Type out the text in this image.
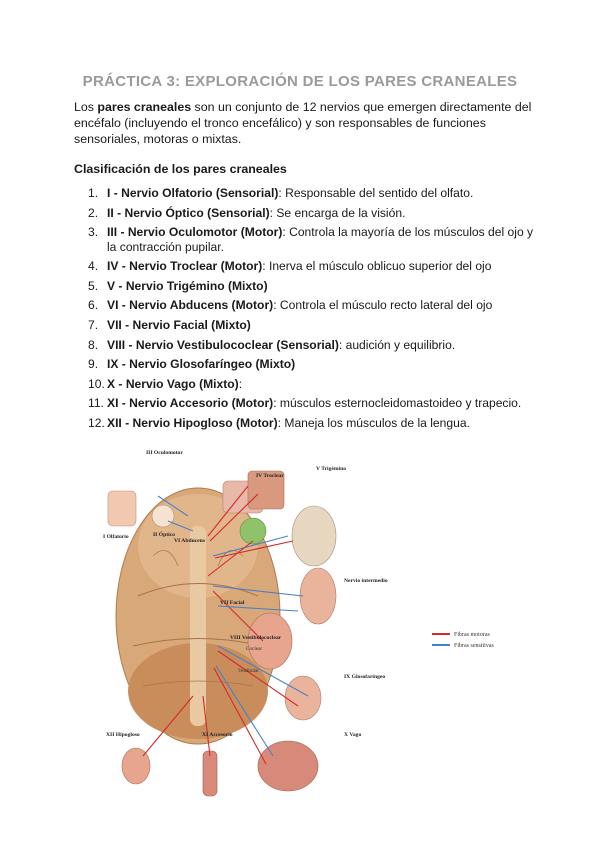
PRÁCTICA 3: EXPLORACIÓN DE LOS PARES CRANEALES
Los pares craneales son un conjunto de 12 nervios que emergen directamente del encéfalo (incluyendo el tronco encefálico) y son responsables de funciones sensoriales, motoras o mixtas.
Clasificación de los pares craneales
1. I - Nervio Olfatorio (Sensorial): Responsable del sentido del olfato.
2. II - Nervio Óptico (Sensorial): Se encarga de la visión.
3. III - Nervio Oculomotor (Motor): Controla la mayoría de los músculos del ojo y la contracción pupilar.
4. IV - Nervio Troclear (Motor): Inerva el músculo oblicuo superior del ojo
5. V - Nervio Trigémino (Mixto)
6. VI - Nervio Abducens (Motor): Controla el músculo recto lateral del ojo
7. VII - Nervio Facial (Mixto)
8. VIII - Nervio Vestibulococlear (Sensorial): audición y equilibrio.
9. IX - Nervio Glosofaríngeo (Mixto)
10. X - Nervio Vago (Mixto):
11. XI - Nervio Accesorio (Motor): músculos esternocleidomastoideo y trapecio.
12. XII - Nervio Hipogloso (Motor): Maneja los músculos de la lengua.
I Olfatorio	II Óptico
III Oculomotor
IV Troclear
V Trigémino
VI Abducens
VII Facial
VIII Vestibulococlear
IX Glosofaríngeo
X Vago
XI Accesorio
XII Hipogloso
Nervio intermedio
Coclear
Vestibular
Fibras motoras
Fibras sensitivas
